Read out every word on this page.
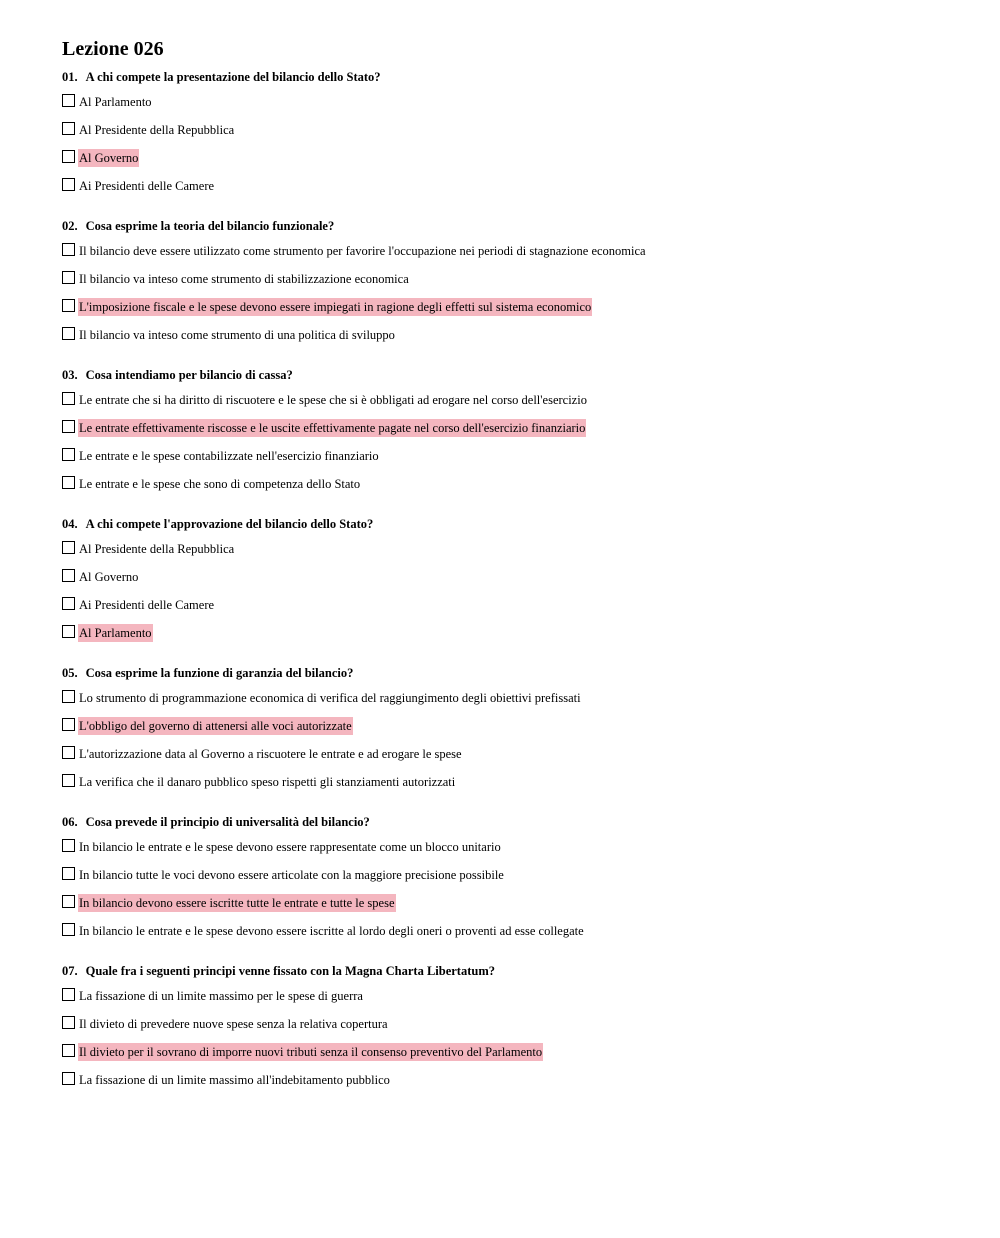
Lezione 026
01. A chi compete la presentazione del bilancio dello Stato?
Al Parlamento
Al Presidente della Repubblica
Al Governo
Ai Presidenti delle Camere
02. Cosa esprime la teoria del bilancio funzionale?
Il bilancio deve essere utilizzato come strumento per favorire l'occupazione nei periodi di stagnazione economica
Il bilancio va inteso come strumento di stabilizzazione economica
L'imposizione fiscale e le spese devono essere impiegati in ragione degli effetti sul sistema economico
Il bilancio va inteso come strumento di una politica di sviluppo
03. Cosa intendiamo per bilancio di cassa?
Le entrate che si ha diritto di riscuotere e le spese che si è obbligati ad erogare nel corso dell'esercizio
Le entrate effettivamente riscosse e le uscite effettivamente pagate nel corso dell'esercizio finanziario
Le entrate e le spese contabilizzate nell'esercizio finanziario
Le entrate e le spese che sono di competenza dello Stato
04. A chi compete l'approvazione del bilancio dello Stato?
Al Presidente della Repubblica
Al Governo
Ai Presidenti delle Camere
Al Parlamento
05. Cosa esprime la funzione di garanzia del bilancio?
Lo strumento di programmazione economica di verifica del raggiungimento degli obiettivi prefissati
L'obbligo del governo di attenersi alle voci autorizzate
L'autorizzazione data al Governo a riscuotere le entrate e ad erogare le spese
La verifica che il danaro pubblico speso rispetti gli stanziamenti autorizzati
06. Cosa prevede il principio di universalità del bilancio?
In bilancio le entrate e le spese devono essere rappresentate come un blocco unitario
In bilancio tutte le voci devono essere articolate con la maggiore precisione possibile
In bilancio devono essere iscritte tutte le entrate e tutte le spese
In bilancio le entrate e le spese devono essere iscritte al lordo degli oneri o proventi ad esse collegate
07. Quale fra i seguenti principi venne fissato con la Magna Charta Libertatum?
La fissazione di un limite massimo per le spese di guerra
Il divieto di prevedere nuove spese senza la relativa copertura
Il divieto per il sovrano di imporre nuovi tributi senza il consenso preventivo del Parlamento
La fissazione di un limite massimo all'indebitamento pubblico
